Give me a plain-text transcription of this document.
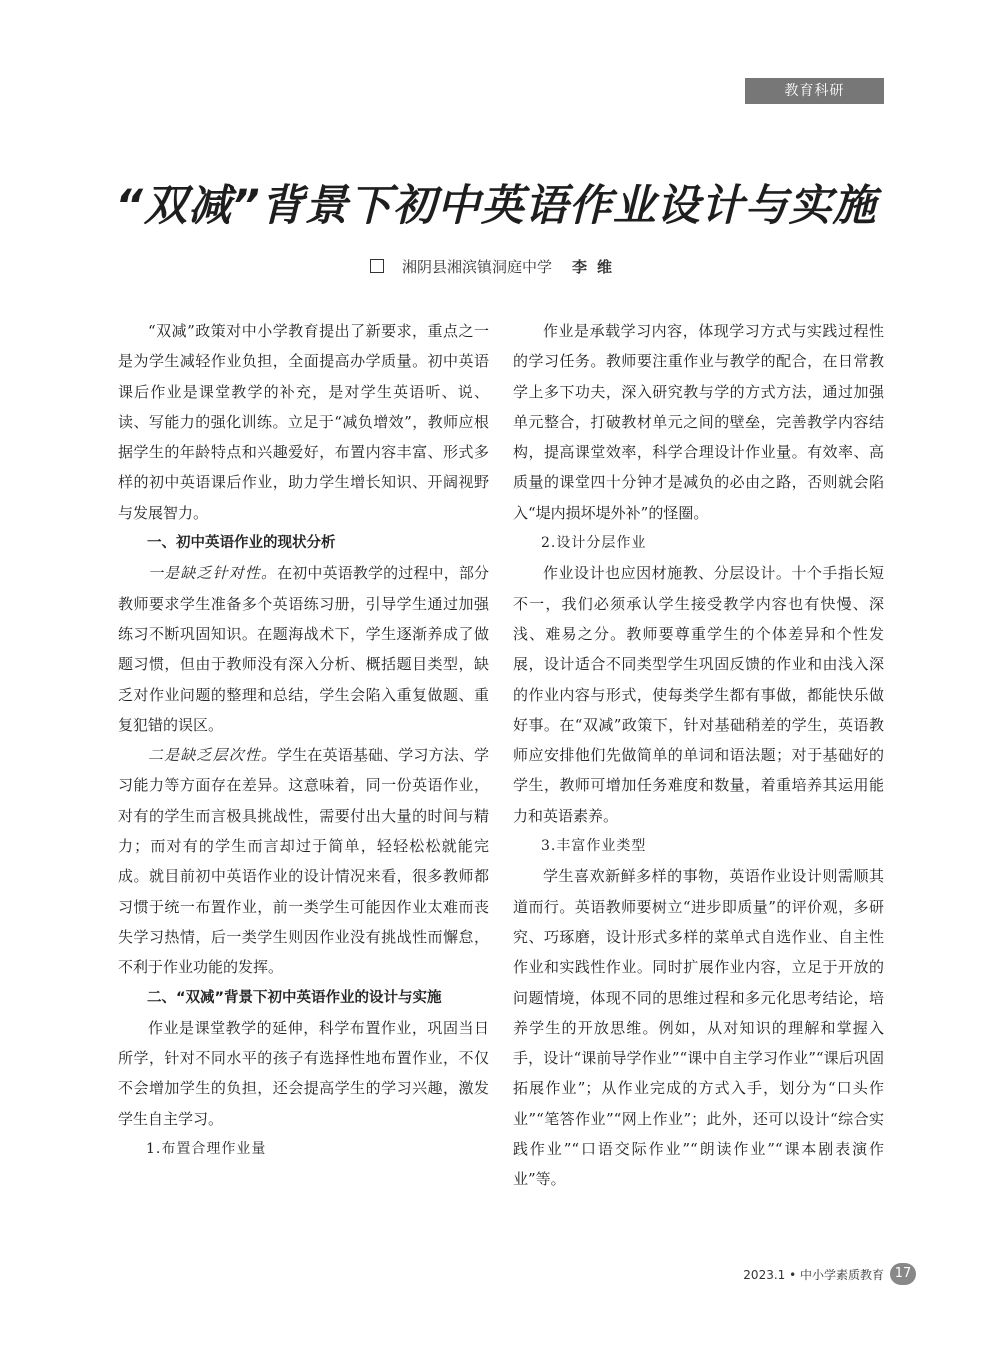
教育科研
“双减”背景下初中英语作业设计与实施
湘阴县湘滨镇洞庭中学 李维

“双减”政策对中小学教育提出了新要求，重点之一是为学生减轻作业负担，全面提高办学质量。初中英语课后作业是课堂教学的补充，是对学生英语听、说、读、写能力的强化训练。立足于“减负增效”，教师应根据学生的年龄特点和兴趣爱好，布置内容丰富、形式多样的初中英语课后作业，助力学生增长知识、开阔视野与发展智力。

一、初中英语作业的现状分析

一是缺乏针对性。在初中英语教学的过程中，部分教师要求学生准备多个英语练习册，引导学生通过加强练习不断巩固知识。在题海战术下，学生逐渐养成了做题习惯，但由于教师没有深入分析、概括题目类型，缺乏对作业问题的整理和总结，学生会陷入重复做题、重复犯错的误区。

二是缺乏层次性。学生在英语基础、学习方法、学习能力等方面存在差异。这意味着，同一份英语作业，对有的学生而言极具挑战性，需要付出大量的时间与精力；而对有的学生而言却过于简单，轻轻松松就能完成。就目前初中英语作业的设计情况来看，很多教师都习惯于统一布置作业，前一类学生可能因作业太难而丧失学习热情，后一类学生则因作业没有挑战性而懈怠，不利于作业功能的发挥。

二、“双减”背景下初中英语作业的设计与实施

作业是课堂教学的延伸，科学布置作业，巩固当日所学，针对不同水平的孩子有选择性地布置作业，不仅不会增加学生的负担，还会提高学生的学习兴趣，激发学生自主学习。

1.布置合理作业量

作业是承载学习内容，体现学习方式与实践过程性的学习任务。教师要注重作业与教学的配合，在日常教学上多下功夫，深入研究教与学的方式方法，通过加强单元整合，打破教材单元之间的壁垒，完善教学内容结构，提高课堂效率，科学合理设计作业量。有效率、高质量的课堂四十分钟才是减负的必由之路，否则就会陷入“堤内损坏堤外补”的怪圈。

2.设计分层作业

作业设计也应因材施教、分层设计。十个手指长短不一，我们必须承认学生接受教学内容也有快慢、深浅、难易之分。教师要尊重学生的个体差异和个性发展，设计适合不同类型学生巩固反馈的作业和由浅入深的作业内容与形式，使每类学生都有事做，都能快乐做好事。在“双减”政策下，针对基础稍差的学生，英语教师应安排他们先做简单的单词和语法题；对于基础好的学生，教师可增加任务难度和数量，着重培养其运用能力和英语素养。

3.丰富作业类型

学生喜欢新鲜多样的事物，英语作业设计则需顺其道而行。英语教师要树立“进步即质量”的评价观，多研究、巧琢磨，设计形式多样的菜单式自选作业、自主性作业和实践性作业。同时扩展作业内容，立足于开放的问题情境，体现不同的思维过程和多元化思考结论，培养学生的开放思维。例如，从对知识的理解和掌握入手，设计“课前导学作业”“课中自主学习作业”“课后巩固拓展作业”；从作业完成的方式入手，划分为“口头作业”“笔答作业”“网上作业”；此外，还可以设计“综合实践作业”“口语交际作业”“朗读作业”“课本剧表演作业”等。

2023.1 • 中小学素质教育 17
